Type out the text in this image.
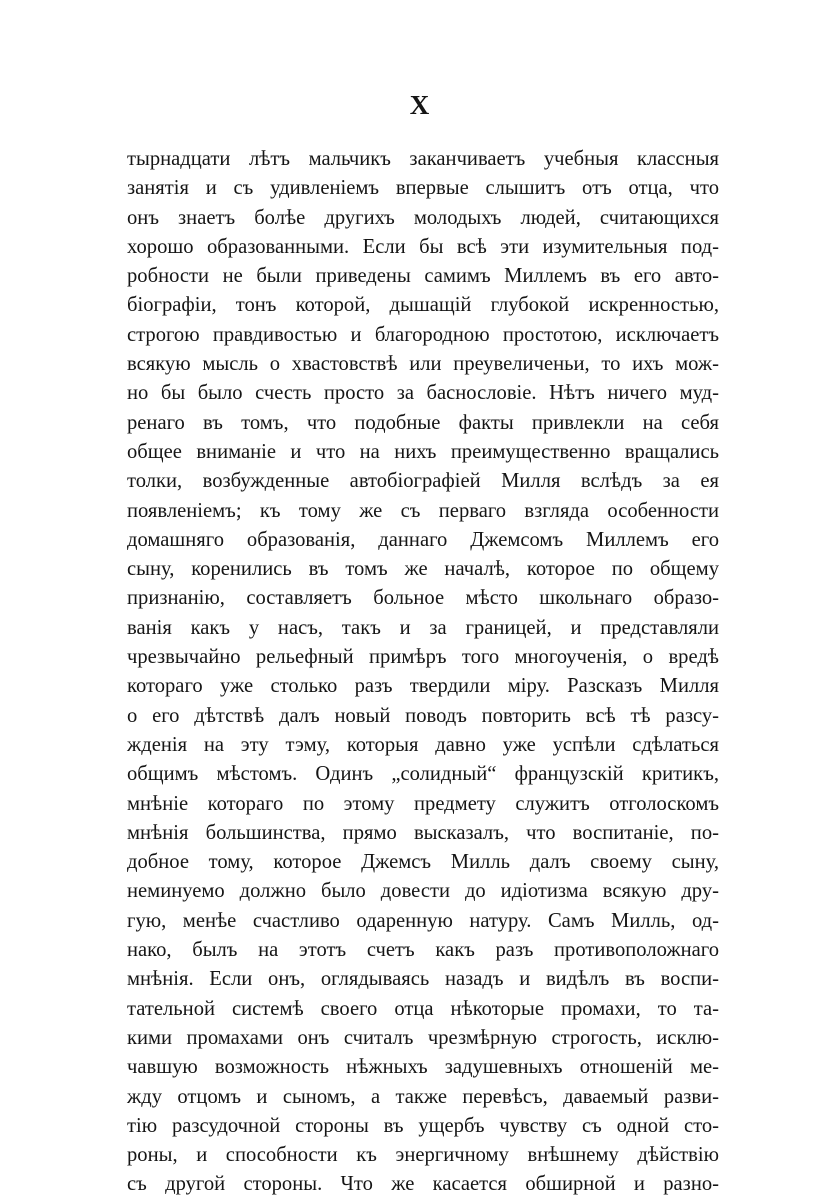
X
тырнадцати лѣтъ мальчикъ заканчиваетъ учебныя классныя
занятія и съ удивленіемъ впервые слышитъ отъ отца, что
онъ знаетъ болѣе другихъ молодыхъ людей, считающихся
хорошо образованными. Если бы всѣ эти изумительныя под-
робности не были приведены самимъ Миллемъ въ его авто-
біографіи, тонъ которой, дышащій глубокой искренностью,
строгою правдивостью и благородною простотою, исключаетъ
всякую мысль о хвастовствѣ или преувеличеньи, то ихъ мож-
но бы было счесть просто за баснословіе. Нѣтъ ничего муд-
ренаго въ томъ, что подобные факты привлекли на себя
общее вниманіе и что на нихъ преимущественно вращались
толки, возбужденные автобіографіей Милля вслѣдъ за ея
появленіемъ; къ тому же съ перваго взгляда особенности
домашняго образованія, даннаго Джемсомъ Миллемъ его
сыну, коренились въ томъ же началѣ, которое по общему
признанію, составляетъ больное мѣсто школьнаго образо-
ванія какъ у насъ, такъ и за границей, и представляли
чрезвычайно рельефный примѣръ того многоученія, о вредѣ
котораго уже столько разъ твердили міру. Разсказъ Милля
о его дѣтствѣ далъ новый поводъ повторить всѣ тѣ разсу-
жденія на эту тэму, которыя давно уже успѣли сдѣлаться
общимъ мѣстомъ. Одинъ „солидный“ французскій критикъ,
мнѣніе котораго по этому предмету служитъ отголоскомъ
мнѣнія большинства, прямо высказалъ, что воспитаніе, по-
добное тому, которое Джемсъ Милль далъ своему сыну,
неминуемо должно было довести до идіотизма всякую дру-
гую, менѣе счастливо одаренную натуру. Самъ Милль, од-
нако, былъ на этотъ счетъ какъ разъ противоположнаго
мнѣнія. Если онъ, оглядываясь назадъ и видѣлъ въ воспи-
тательной системѣ своего отца нѣкоторые промахи, то та-
кими промахами онъ считалъ чрезмѣрную строгость, исклю-
чавшую возможность нѣжныхъ задушевныхъ отношеній ме-
жду отцомъ и сыномъ, а также перевѣсъ, даваемый разви-
тію разсудочной стороны въ ущербъ чувству съ одной сто-
роны, и способности къ энергичному внѣшнему дѣйствію
съ другой стороны. Что же касается обширной и разно-
